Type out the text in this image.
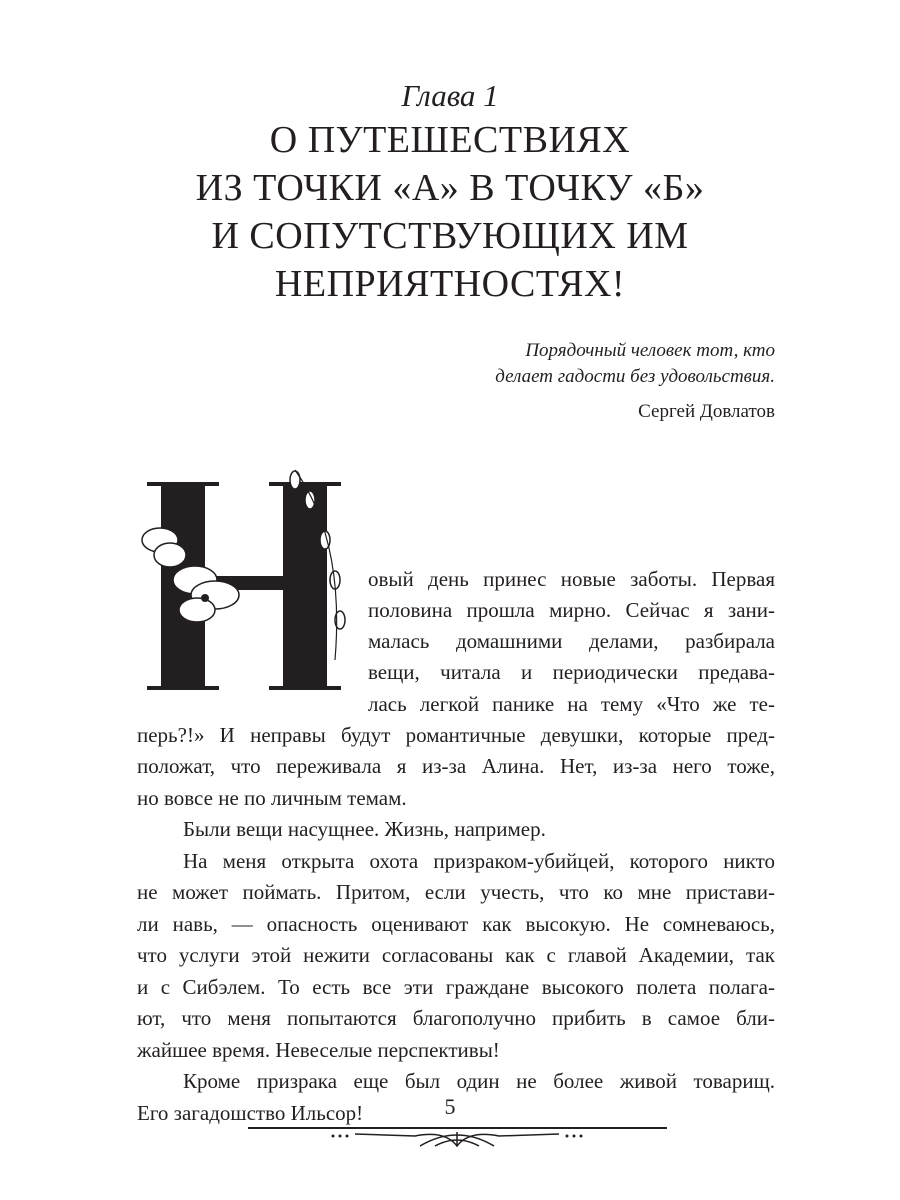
Глава 1
О ПУТЕШЕСТВИЯХ
ИЗ ТОЧКИ «А» В ТОЧКУ «Б»
И СОПУТСТВУЮЩИХ ИМ
НЕПРИЯТНОСТЯХ!
Порядочный человек тот, кто
делает гадости без удовольствия.
Сергей Довлатов
овый день принес новые заботы. Первая
половина прошла мирно. Сейчас я зани-
малась домашними делами, разбирала
вещи, читала и периодически предава-
лась легкой панике на тему «Что же те-
перь?!» И неправы будут романтичные девушки, которые пред-
положат, что переживала я из-за Алина. Нет, из-за него тоже,
но вовсе не по личным темам.
Были вещи насущнее. Жизнь, например.
На меня открыта охота призраком-убийцей, которого никто
не может поймать. Притом, если учесть, что ко мне пристави-
ли навь, — опасность оценивают как высокую. Не сомневаюсь,
что услуги этой нежити согласованы как с главой Академии, так
и с Сибэлем. То есть все эти граждане высокого полета полага-
ют, что меня попытаются благополучно прибить в самое бли-
жайшее время. Невеселые перспективы!
Кроме призрака еще был один не более живой товарищ.
Его загадошство Ильсор!	5
